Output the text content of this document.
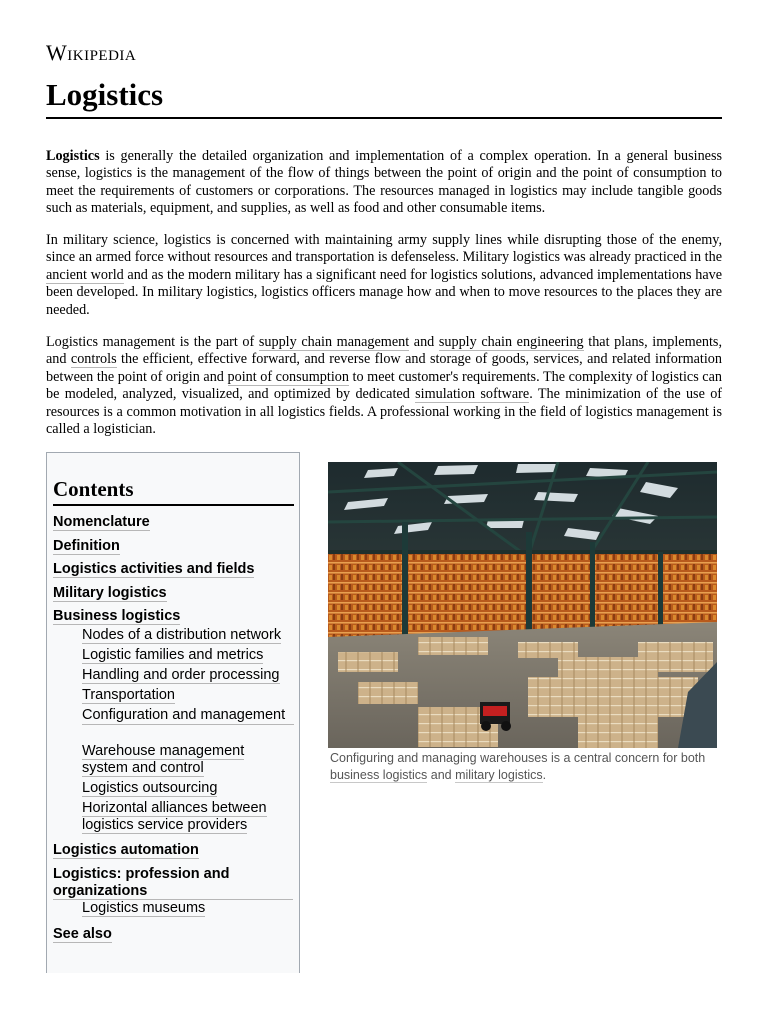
Wikipedia
Logistics

Logistics is generally the detailed organization and implementation of a complex operation. In a general business sense, logistics is the management of the flow of things between the point of origin and the point of consumption to meet the requirements of customers or corporations. The resources managed in logistics may include tangible goods such as materials, equipment, and supplies, as well as food and other consumable items.

In military science, logistics is concerned with maintaining army supply lines while disrupting those of the enemy, since an armed force without resources and transportation is defenseless. Military logistics was already practiced in the ancient world and as the modern military has a significant need for logistics solutions, advanced implementations have been developed. In military logistics, logistics officers manage how and when to move resources to the places they are needed.

Logistics management is the part of supply chain management and supply chain engineering that plans, implements, and controls the efficient, effective forward, and reverse flow and storage of goods, services, and related information between the point of origin and point of consumption to meet customer's requirements. The complexity of logistics can be modeled, analyzed, visualized, and optimized by dedicated simulation software. The minimization of the use of resources is a common motivation in all logistics fields. A professional working in the field of logistics management is called a logistician.

Contents
Nomenclature
Definition
Logistics activities and fields
Military logistics
Business logistics
Nodes of a distribution network
Logistic families and metrics
Handling and order processing
Transportation
Configuration and management
Warehouse management system and control
Logistics outsourcing
Horizontal alliances between logistics service providers
Logistics automation
Logistics: profession and organizations
Logistics museums
See also
Configuring and managing warehouses is a central concern for both business logistics and military logistics.
